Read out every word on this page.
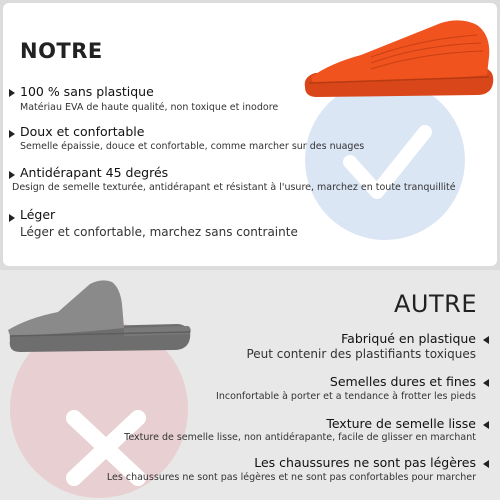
NOTRE
100 % sans plastique
Matériau EVA de haute qualité, non toxique et inodore
Doux et confortable
Semelle épaissie, douce et confortable, comme marcher sur des nuages
Antidérapant 45 degrés
Design de semelle texturée, antidérapant et résistant à l'usure, marchez en toute tranquillité
Léger
Léger et confortable, marchez sans contrainte
AUTRE
Fabriqué en plastique
Peut contenir des plastifiants toxiques
Semelles dures et fines
Inconfortable à porter et a tendance à frotter les pieds
Texture de semelle lisse
Texture de semelle lisse, non antidérapante, facile de glisser en marchant
Les chaussures ne sont pas légères
Les chaussures ne sont pas légères et ne sont pas confortables pour marcher
